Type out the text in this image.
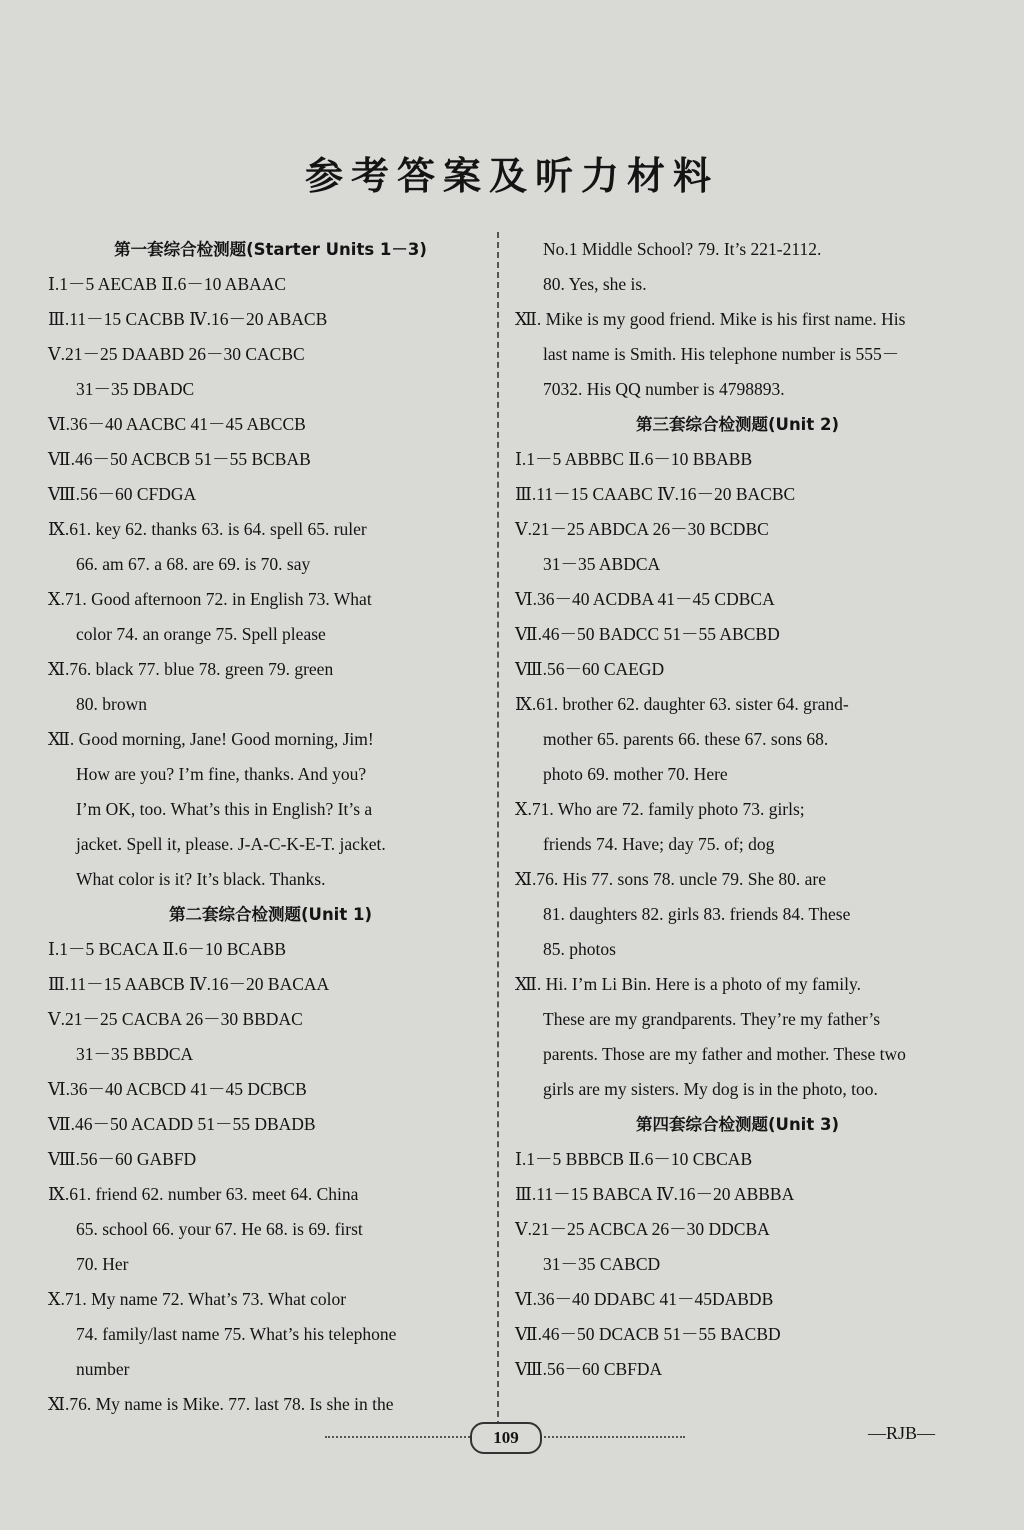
参考答案及听力材料
第一套综合检测题(Starter Units 1－3)
Ⅰ.1－5 AECAB Ⅱ.6－10 ABAAC
Ⅲ.11－15 CACBB Ⅳ.16－20 ABACB
Ⅴ.21－25 DAABD 26－30 CACBC
31－35 DBADC
Ⅵ.36－40 AACBC 41－45 ABCCB
Ⅶ.46－50 ACBCB 51－55 BCBAB
Ⅷ.56－60 CFDGA
Ⅸ.61. key 62. thanks 63. is 64. spell 65. ruler
66. am 67. a 68. are 69. is 70. say
Ⅹ.71. Good afternoon 72. in English 73. What
color 74. an orange 75. Spell please
Ⅺ.76. black 77. blue 78. green 79. green
80. brown
Ⅻ. Good morning, Jane! Good morning, Jim!
How are you? I’m fine, thanks. And you?
I’m OK, too. What’s this in English? It’s a
jacket. Spell it, please. J-A-C-K-E-T. jacket.
What color is it? It’s black. Thanks.
第二套综合检测题(Unit 1)
Ⅰ.1－5 BCACA Ⅱ.6－10 BCABB
Ⅲ.11－15 AABCB Ⅳ.16－20 BACAA
Ⅴ.21－25 CACBA 26－30 BBDAC
31－35 BBDCA
Ⅵ.36－40 ACBCD 41－45 DCBCB
Ⅶ.46－50 ACADD 51－55 DBADB
Ⅷ.56－60 GABFD
Ⅸ.61. friend 62. number 63. meet 64. China
65. school 66. your 67. He 68. is 69. first
70. Her
Ⅹ.71. My name 72. What’s 73. What color
74. family/last name 75. What’s his telephone
number
Ⅺ.76. My name is Mike. 77. last 78. Is she in the
No.1 Middle School? 79. It’s 221-2112.
80. Yes, she is.
Ⅻ. Mike is my good friend. Mike is his first name. His
last name is Smith. His telephone number is 555－
7032. His QQ number is 4798893.
第三套综合检测题(Unit 2)
Ⅰ.1－5 ABBBC Ⅱ.6－10 BBABB
Ⅲ.11－15 CAABC Ⅳ.16－20 BACBC
Ⅴ.21－25 ABDCA 26－30 BCDBC
31－35 ABDCA
Ⅵ.36－40 ACDBA 41－45 CDBCA
Ⅶ.46－50 BADCC 51－55 ABCBD
Ⅷ.56－60 CAEGD
Ⅸ.61. brother 62. daughter 63. sister 64. grand-
mother 65. parents 66. these 67. sons 68.
photo 69. mother 70. Here
Ⅹ.71. Who are 72. family photo 73. girls;
friends 74. Have; day 75. of; dog
Ⅺ.76. His 77. sons 78. uncle 79. She 80. are
81. daughters 82. girls 83. friends 84. These
85. photos
Ⅻ. Hi. I’m Li Bin. Here is a photo of my family.
These are my grandparents. They’re my father’s
parents. Those are my father and mother. These two
girls are my sisters. My dog is in the photo, too.
第四套综合检测题(Unit 3)
Ⅰ.1－5 BBBCB Ⅱ.6－10 CBCAB
Ⅲ.11－15 BABCA Ⅳ.16－20 ABBBA
Ⅴ.21－25 ACBCA 26－30 DDCBA
31－35 CABCD
Ⅵ.36－40 DDABC 41－45DABDB
Ⅶ.46－50 DCACB 51－55 BACBD
Ⅷ.56－60 CBFDA
109	—RJB—
